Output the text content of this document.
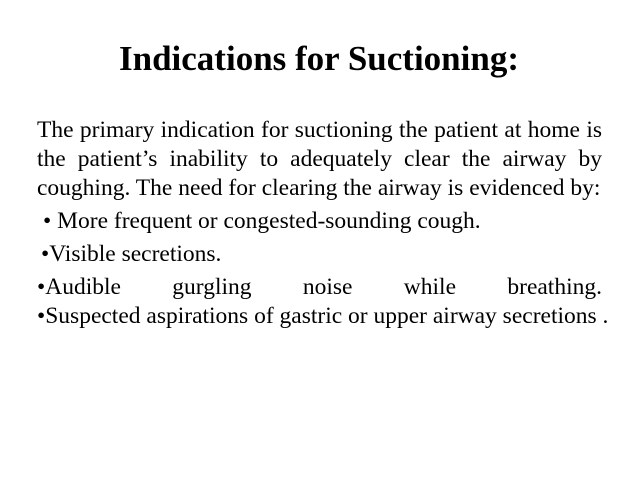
Indications for Suctioning:

The primary indication for suctioning the patient at home is the patient’s inability to adequately clear the airway by coughing. The need for clearing the airway is evidenced by:

• More frequent or congested-sounding cough.

•Visible secretions.

•Audible gurgling noise while breathing.

•Suspected aspirations of gastric or upper airway secretions .
